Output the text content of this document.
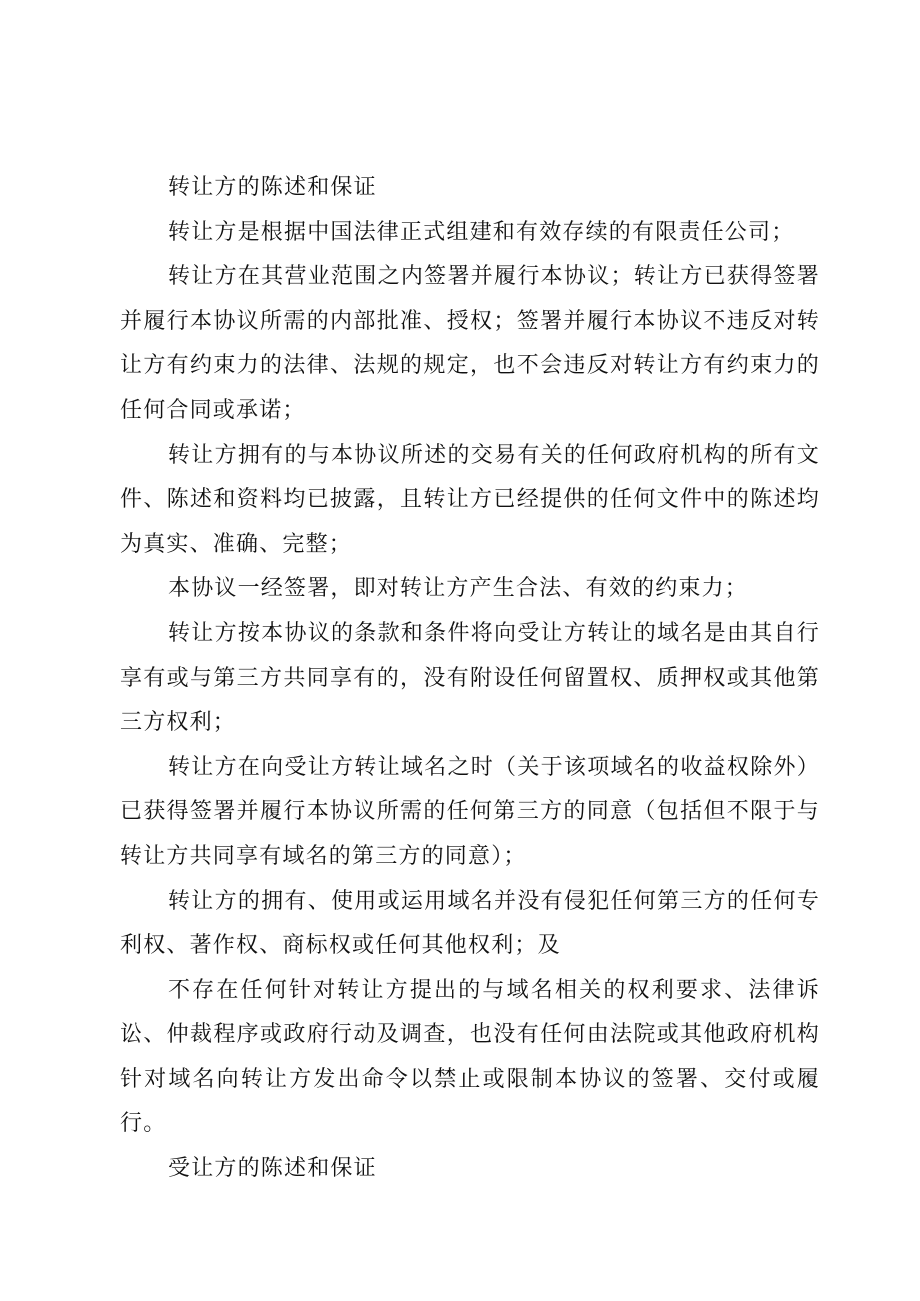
转让方的陈述和保证

转让方是根据中国法律正式组建和有效存续的有限责任公司；

转让方在其营业范围之内签署并履行本协议；转让方已获得签署并履行本协议所需的内部批准、授权；签署并履行本协议不违反对转让方有约束力的法律、法规的规定，也不会违反对转让方有约束力的任何合同或承诺；

转让方拥有的与本协议所述的交易有关的任何政府机构的所有文件、陈述和资料均已披露，且转让方已经提供的任何文件中的陈述均为真实、准确、完整；

本协议一经签署，即对转让方产生合法、有效的约束力；

转让方按本协议的条款和条件将向受让方转让的域名是由其自行享有或与第三方共同享有的，没有附设任何留置权、质押权或其他第三方权利；

转让方在向受让方转让域名之时（关于该项域名的收益权除外）已获得签署并履行本协议所需的任何第三方的同意（包括但不限于与转让方共同享有域名的第三方的同意）；

转让方的拥有、使用或运用域名并没有侵犯任何第三方的任何专利权、著作权、商标权或任何其他权利；及

不存在任何针对转让方提出的与域名相关的权利要求、法律诉讼、仲裁程序或政府行动及调查，也没有任何由法院或其他政府机构针对域名向转让方发出命令以禁止或限制本协议的签署、交付或履行。

受让方的陈述和保证
